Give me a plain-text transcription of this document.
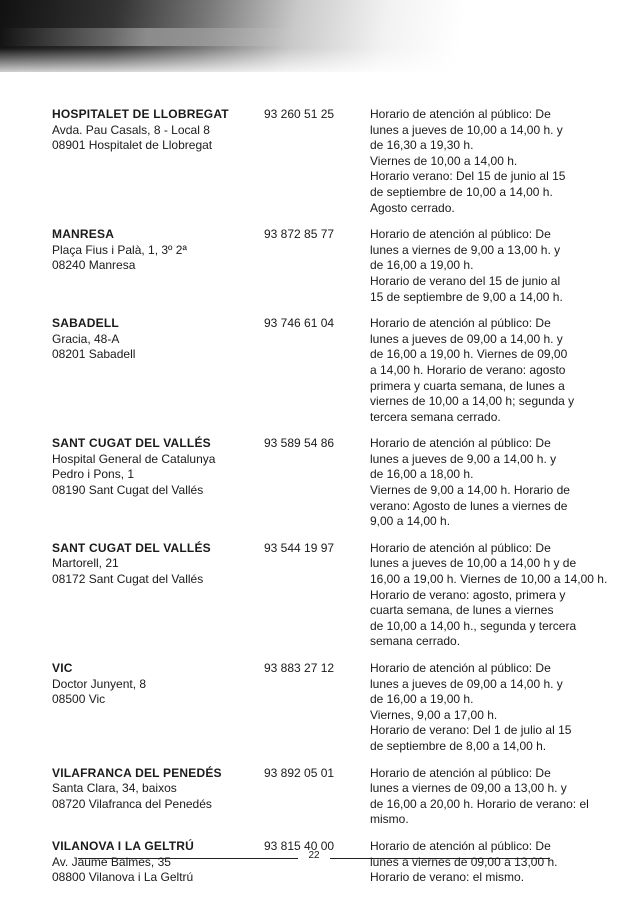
HOSPITALET DE LLOBREGAT
Avda. Pau Casals, 8 - Local 8
08901 Hospitalet de Llobregat
93 260 51 25	Horario de atención al público: De
lunes a jueves de 10,00 a 14,00 h. y
de 16,30 a 19,30 h.
Viernes de 10,00 a 14,00 h.
Horario verano: Del 15 de junio al 15
de septiembre de 10,00 a 14,00 h.
Agosto cerrado.
MANRESA
Plaça Fius i Palà, 1, 3º 2ª
08240 Manresa
93 872 85 77	Horario de atención al público: De
lunes a viernes de 9,00 a 13,00 h. y
de 16,00 a 19,00 h.
Horario de verano del 15 de junio al
15 de septiembre de 9,00 a 14,00 h.
SABADELL
Gracia, 48-A
08201 Sabadell
93 746 61 04	Horario de atención al público: De
lunes a jueves de 09,00 a 14,00 h. y
de 16,00 a 19,00 h. Viernes de 09,00
a 14,00 h. Horario de verano: agosto
primera y cuarta semana, de lunes a
viernes de 10,00 a 14,00 h; segunda y
tercera semana cerrado.
SANT CUGAT DEL VALLÉS
Hospital General de Catalunya
Pedro i Pons, 1
08190 Sant Cugat del Vallés
93 589 54 86	Horario de atención al público: De
lunes a jueves de 9,00 a 14,00 h. y
de 16,00 a 18,00 h.
Viernes de 9,00 a 14,00 h. Horario de
verano: Agosto de lunes a viernes de
9,00 a 14,00 h.
SANT CUGAT DEL VALLÉS
Martorell, 21
08172 Sant Cugat del Vallés
93 544 19 97	Horario de atención al público: De
lunes a jueves de 10,00 a 14,00 h y de
16,00 a 19,00 h. Viernes de 10,00 a 14,00 h.
Horario de verano: agosto, primera y
cuarta semana, de lunes a viernes
de 10,00 a 14,00 h., segunda y tercera
semana cerrado.
VIC
Doctor Junyent, 8
08500 Vic
93 883 27 12	Horario de atención al público: De
lunes a jueves de 09,00 a 14,00 h. y
de 16,00 a 19,00 h.
Viernes, 9,00 a 17,00 h.
Horario de verano: Del 1 de julio al 15
de septiembre de 8,00 a 14,00 h.
VILAFRANCA DEL PENEDÉS
Santa Clara, 34, baixos
08720 Vilafranca del Penedés
93 892 05 01	Horario de atención al público: De
lunes a viernes de 09,00 a 13,00 h. y
de 16,00 a 20,00 h. Horario de verano: el
mismo.
VILANOVA I LA GELTRÚ
Av. Jaume Balmes, 35
08800 Vilanova i La Geltrú
93 815 40 00	Horario de atención al público: De
lunes a viernes de 09,00 a 13,00 h.
Horario de verano: el mismo.
22
